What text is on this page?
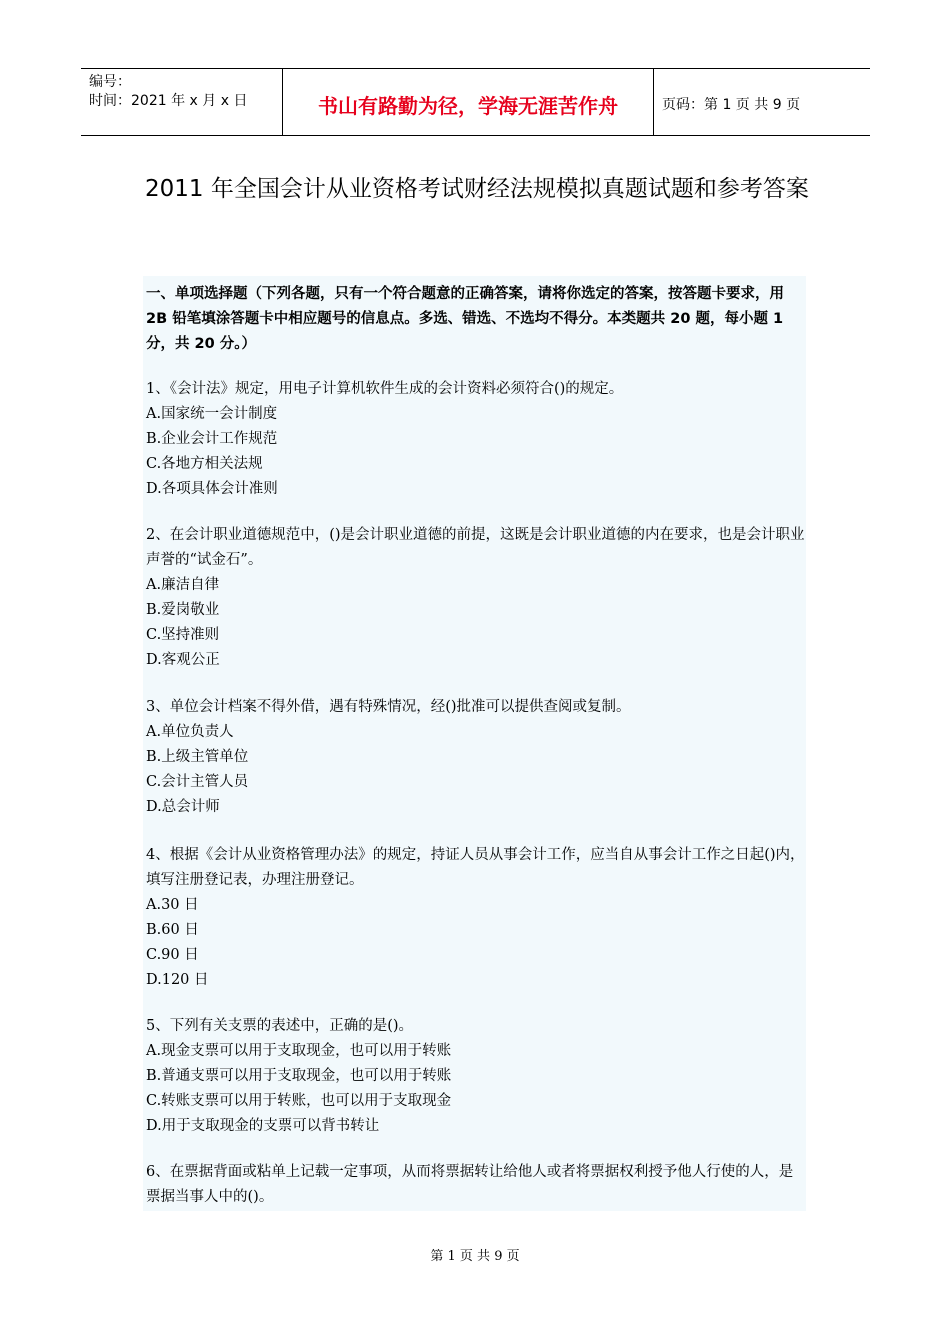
编号：
时间：2021 年 x 月 x 日	书山有路勤为径，学海无涯苦作舟	页码：第 1 页 共 9 页
2011 年全国会计从业资格考试财经法规模拟真题试题和参考答案
一、单项选择题（下列各题，只有一个符合题意的正确答案，请将你选定的答案，按答题卡要求，用 2B 铅笔填涂答题卡中相应题号的信息点。多选、错选、不选均不得分。本类题共 20 题，每小题 1 分，共 20 分。）
1、《会计法》规定，用电子计算机软件生成的会计资料必须符合()的规定。
A.国家统一会计制度
B.企业会计工作规范
C.各地方相关法规
D.各项具体会计准则
2、在会计职业道德规范中，()是会计职业道德的前提，这既是会计职业道德的内在要求，也是会计职业声誉的“试金石”。
A.廉洁自律
B.爱岗敬业
C.坚持准则
D.客观公正
3、单位会计档案不得外借，遇有特殊情况，经()批准可以提供查阅或复制。
A.单位负责人
B.上级主管单位
C.会计主管人员
D.总会计师
4、根据《会计从业资格管理办法》的规定，持证人员从事会计工作，应当自从事会计工作之日起()内，填写注册登记表，办理注册登记。
A.30 日
B.60 日
C.90 日
D.120 日
5、下列有关支票的表述中，正确的是()。
A.现金支票可以用于支取现金，也可以用于转账
B.普通支票可以用于支取现金，也可以用于转账
C.转账支票可以用于转账，也可以用于支取现金
D.用于支取现金的支票可以背书转让
6、在票据背面或粘单上记载一定事项，从而将票据转让给他人或者将票据权利授予他人行使的人，是票据当事人中的()。
第 1 页 共 9 页
